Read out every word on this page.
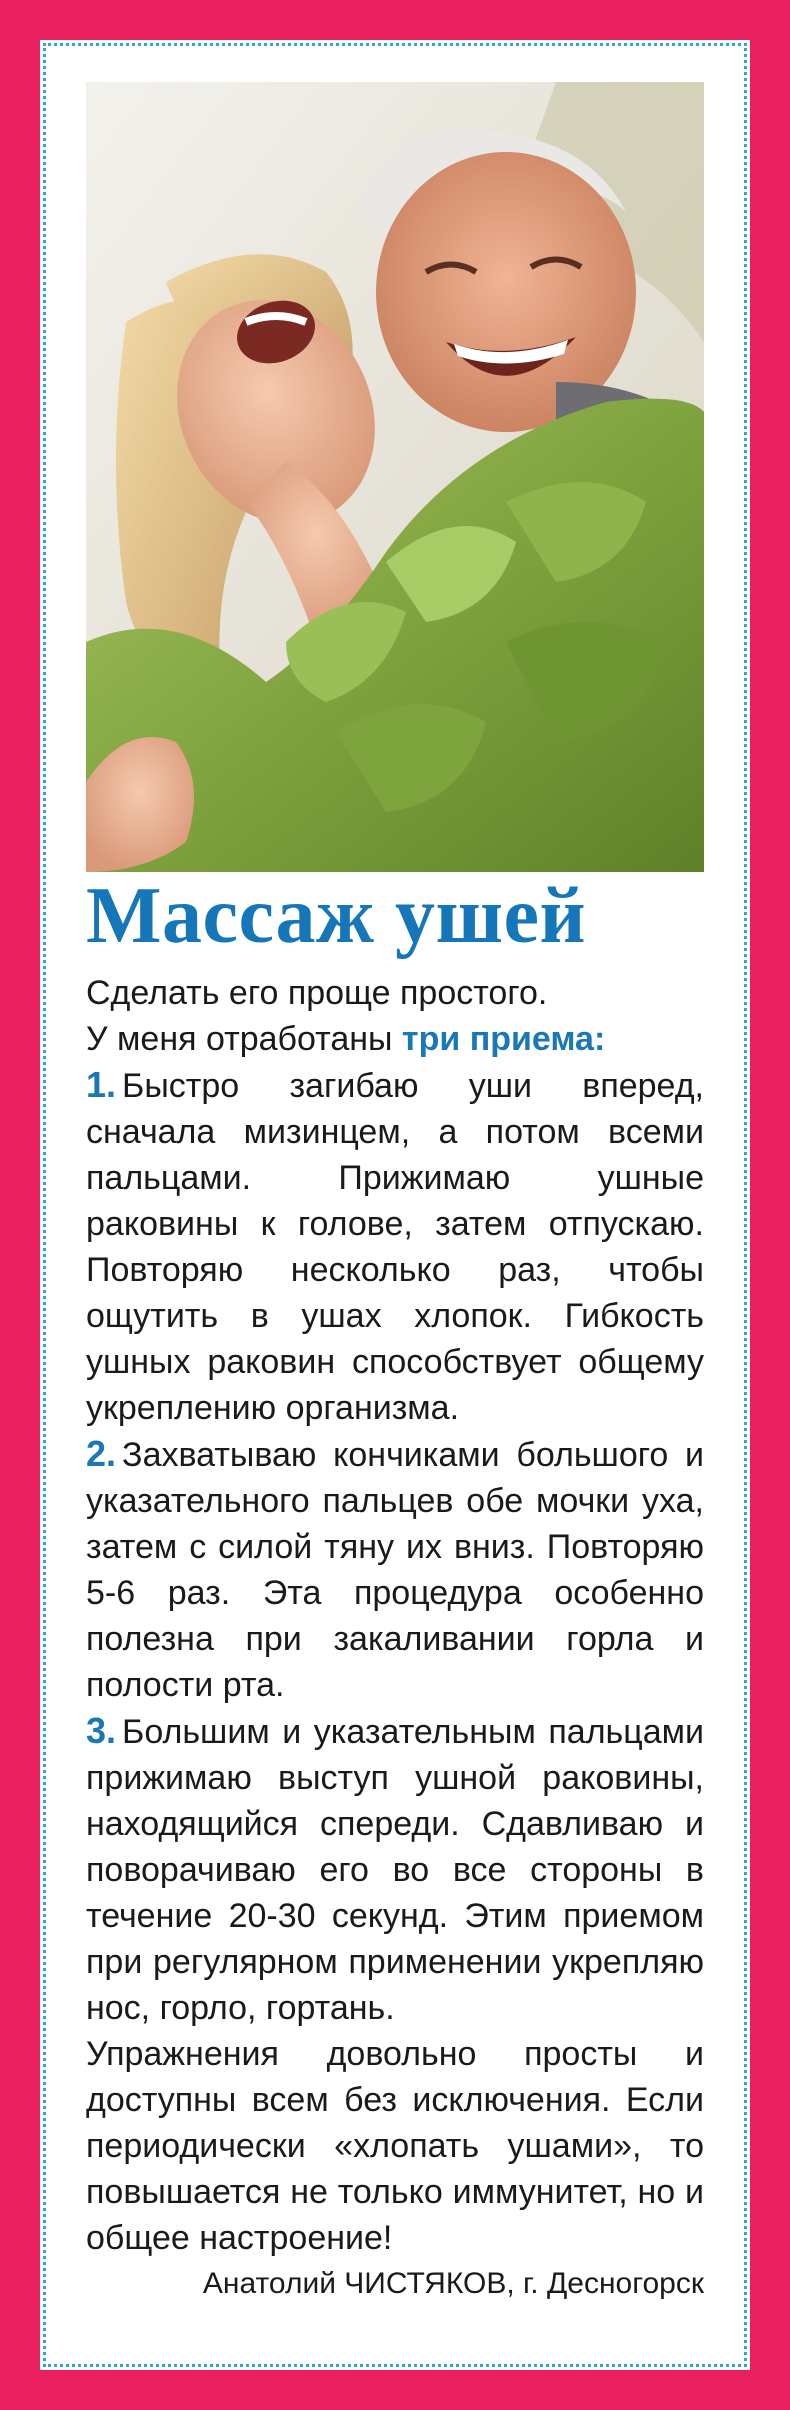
Массаж ушей

Сделать его проще простого.

У меня отработаны три приема:

1. Быстро загибаю уши вперед, сначала мизинцем, а потом всеми пальцами. Прижимаю ушные раковины к голове, затем отпускаю. Повторяю несколько раз, чтобы ощутить в ушах хлопок. Гибкость ушных раковин способствует общему укреплению организма.

2. Захватываю кончиками большого и указательного пальцев обе мочки уха, затем с силой тяну их вниз. Повторяю 5-6 раз. Эта процедура особенно полезна при закаливании горла и полости рта.

3. Большим и указательным пальцами прижимаю выступ ушной раковины, находящийся спереди. Сдавливаю и поворачиваю его во все стороны в течение 20-30 секунд. Этим приемом при регулярном применении укрепляю нос, горло, гортань.

Упражнения довольно просты и доступны всем без исключения. Если периодически «хлопать ушами», то повышается не только иммунитет, но и общее настроение!

Анатолий ЧИСТЯКОВ, г. Десногорск
